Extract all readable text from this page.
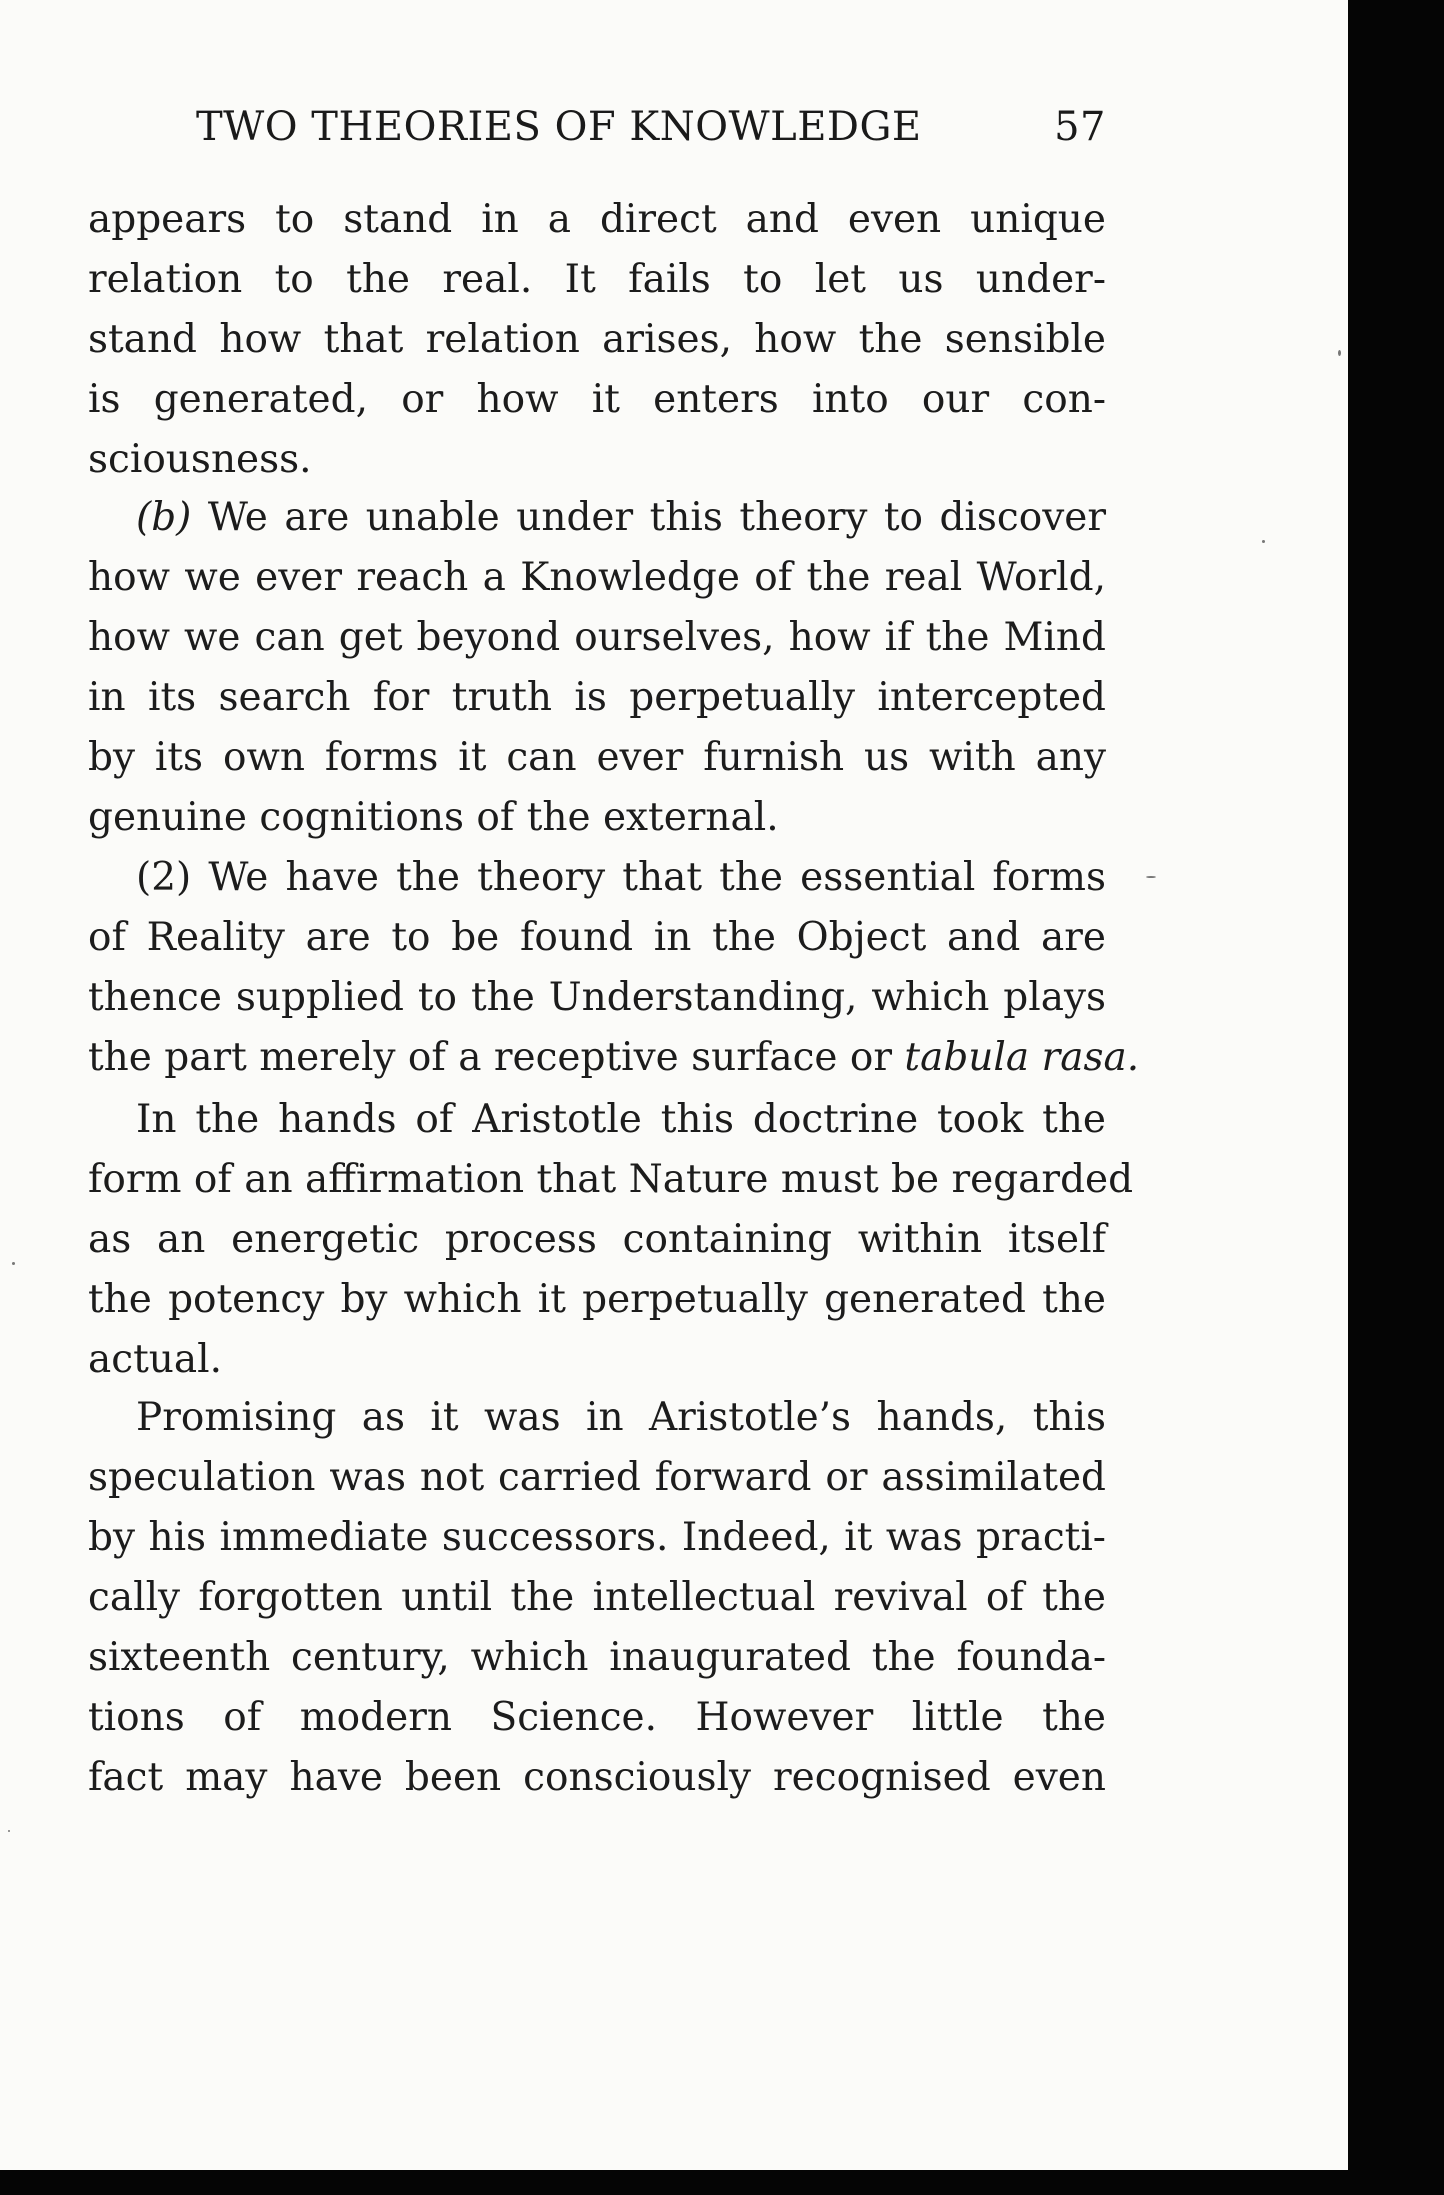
TWO THEORIES OF KNOWLEDGE	57
appears to stand in a direct and even unique
relation to the real. It fails to let us under-
stand how that relation arises, how the sensible
is generated, or how it enters into our con-
sciousness.
(b) We are unable under this theory to discover
how we ever reach a Knowledge of the real World,
how we can get beyond ourselves, how if the Mind
in its search for truth is perpetually intercepted
by its own forms it can ever furnish us with any
genuine cognitions of the external.
(2) We have the theory that the essential forms
of Reality are to be found in the Object and are
thence supplied to the Understanding, which plays
the part merely of a receptive surface or tabula rasa.
In the hands of Aristotle this doctrine took the
form of an affirmation that Nature must be regarded
as an energetic process containing within itself
the potency by which it perpetually generated the
actual.
Promising as it was in Aristotle’s hands, this
speculation was not carried forward or assimilated
by his immediate successors. Indeed, it was practi-
cally forgotten until the intellectual revival of the
sixteenth century, which inaugurated the founda-
tions of modern Science. However little the
fact may have been consciously recognised even
